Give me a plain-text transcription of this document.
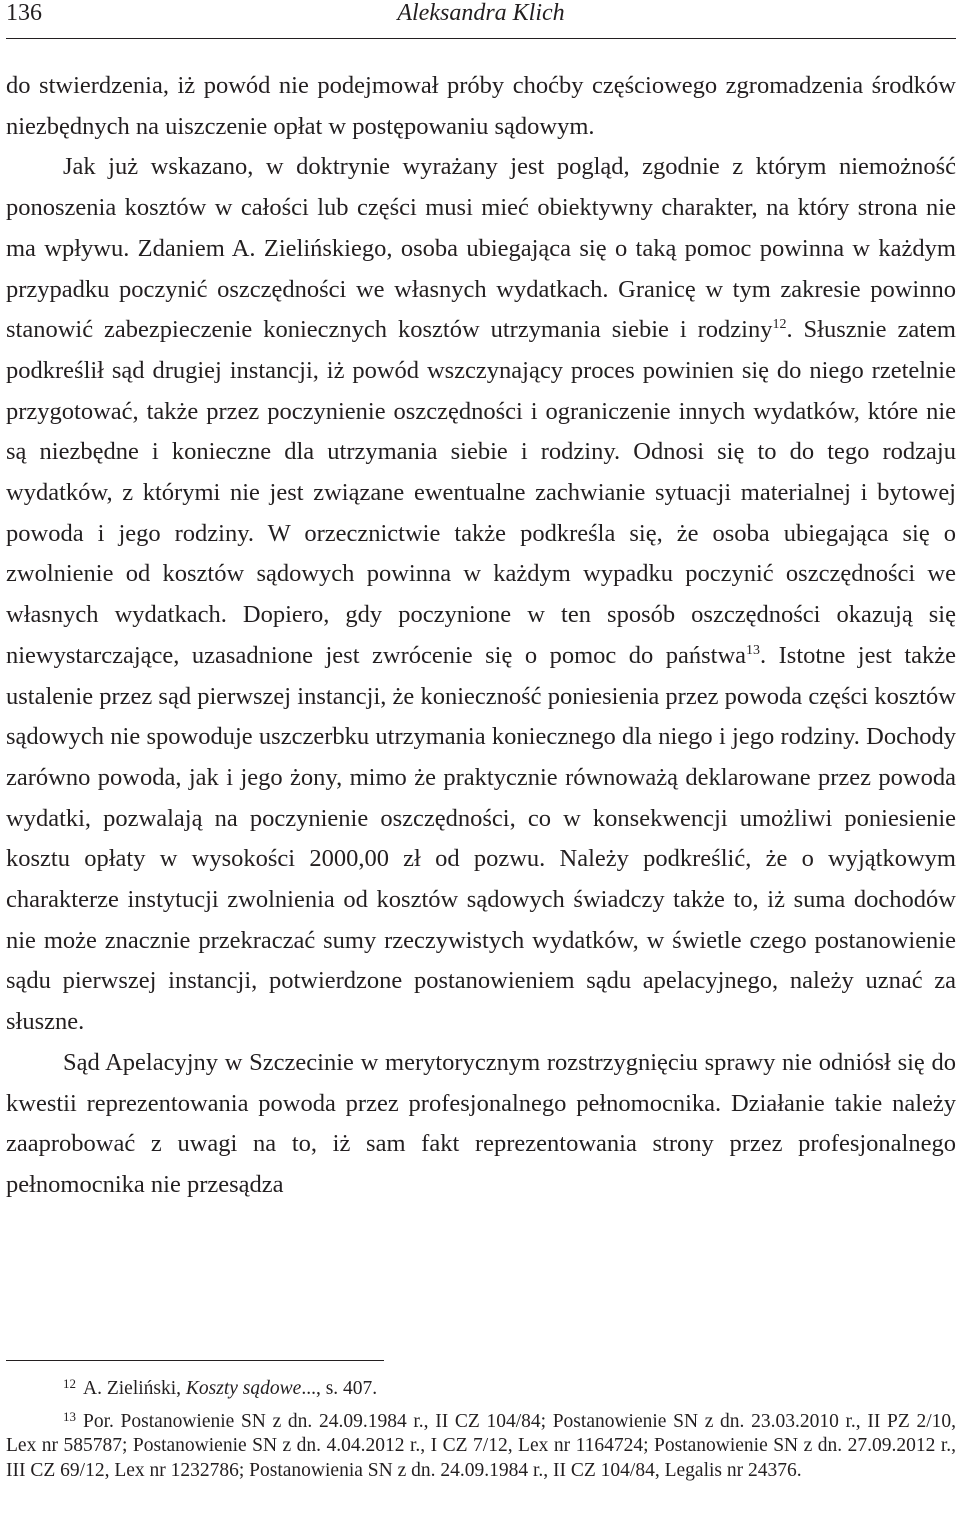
136	Aleksandra Klich

do stwierdzenia, iż powód nie podejmował próby choćby częściowego zgromadzenia środków niezbędnych na uiszczenie opłat w postępowaniu sądowym.

Jak już wskazano, w doktrynie wyrażany jest pogląd, zgodnie z którym niemożność ponoszenia kosztów w całości lub części musi mieć obiektywny charakter, na który strona nie ma wpływu. Zdaniem A. Zielińskiego, osoba ubiegająca się o taką pomoc powinna w każdym przypadku poczynić oszczędności we własnych wydatkach. Granicę w tym zakresie powinno stanowić zabezpieczenie koniecznych kosztów utrzymania siebie i rodziny$^{12}$. Słusznie zatem podkreślił sąd drugiej instancji, iż powód wszczynający proces powinien się do niego rzetelnie przygotować, także przez poczynienie oszczędności i ograniczenie innych wydatków, które nie są niezbędne i konieczne dla utrzymania siebie i rodziny. Odnosi się to do tego rodzaju wydatków, z którymi nie jest związane ewentualne zachwianie sytuacji materialnej i bytowej powoda i jego rodziny. W orzecznictwie także podkreśla się, że osoba ubiegająca się o zwolnienie od kosztów sądowych powinna w każdym wypadku poczynić oszczędności we własnych wydatkach. Dopiero, gdy poczynione w ten sposób oszczędności okazują się niewystarczające, uzasadnione jest zwrócenie się o pomoc do państwa$^{13}$. Istotne jest także ustalenie przez sąd pierwszej instancji, że konieczność poniesienia przez powoda części kosztów sądowych nie spowoduje uszczerbku utrzymania koniecznego dla niego i jego rodziny. Dochody zarówno powoda, jak i jego żony, mimo że praktycznie równoważą deklarowane przez powoda wydatki, pozwalają na poczynienie oszczędności, co w konsekwencji umożliwi poniesienie kosztu opłaty w wysokości 2000,00 zł od pozwu. Należy podkreślić, że o wyjątkowym charakterze instytucji zwolnienia od kosztów sądowych świadczy także to, iż suma dochodów nie może znacznie przekraczać sumy rzeczywistych wydatków, w świetle czego postanowienie sądu pierwszej instancji, potwierdzone postanowieniem sądu apelacyjnego, należy uznać za słuszne.

Sąd Apelacyjny w Szczecinie w merytorycznym rozstrzygnięciu sprawy nie odniósł się do kwestii reprezentowania powoda przez profesjonalnego pełnomocnika. Działanie takie należy zaaprobować z uwagi na to, iż sam fakt reprezentowania strony przez profesjonalnego pełnomocnika nie przesądza

$^{12}$ A. Zieliński, Koszty sądowe..., s. 407.

$^{13}$ Por. Postanowienie SN z dn. 24.09.1984 r., II CZ 104/84; Postanowienie SN z dn. 23.03.2010 r., II PZ 2/10, Lex nr 585787; Postanowienie SN z dn. 4.04.2012 r., I CZ 7/12, Lex nr 1164724; Postanowienie SN z dn. 27.09.2012 r., III CZ 69/12, Lex nr 1232786; Postanowienia SN z dn. 24.09.1984 r., II CZ 104/84, Legalis nr 24376.
